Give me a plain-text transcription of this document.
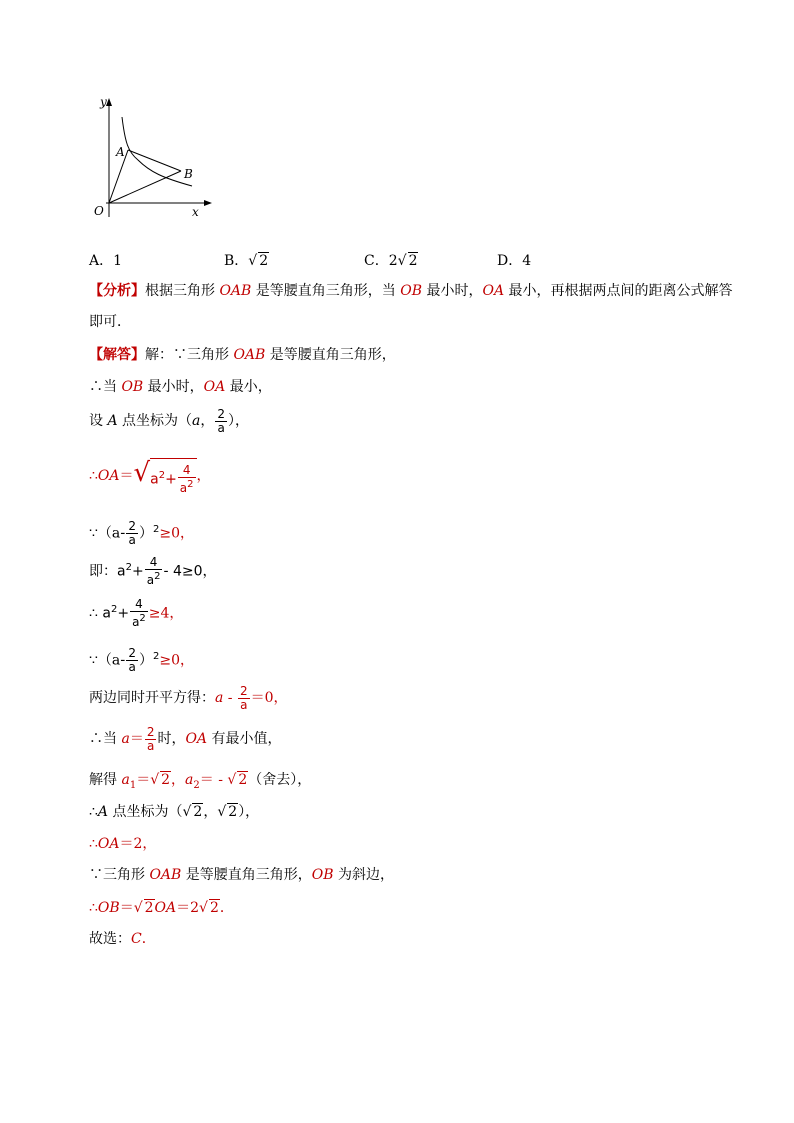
y
x
O
A
B
A．1	B．√ 2	C．2√ 2	D．4
【分析】根据三角形 OAB 是等腰直角三角形，当 OB 最小时，OA 最小，再根据两点间的距离公式解答
即可．
【解答】解：∵三角形 OAB 是等腰直角三角形，
∴当 OB 最小时，OA 最小，
设 A 点坐标为（a， $\frac{2}{a}$ ），
$\therefore OA=√a^2+ \frac{4}{a^2}$ ，
∵（a- $\frac{2}{a} )^2\ge 0$，
即：$a^2+ \frac{4}{a^2} - 4\ge 0$，
∴ $a^2+ \frac{4}{a^2} \ge 4$，
∵（a- $\frac{2}{a} )^2\ge 0$，
两边同时开平方得：$a - \frac{2}{a} =0$，
∴当 $a= \frac{2}{a}$ 时，OA 有最小值，
解得 $a_1=√$ 2，$a_2=$ - √ 2（舍去），
∴A 点坐标为（√ 2，√ 2），
∴OA＝2，
∵三角形 OAB 是等腰直角三角形，OB 为斜边，
∴OB＝√ 2OA＝2√ 2．
故选：C．
